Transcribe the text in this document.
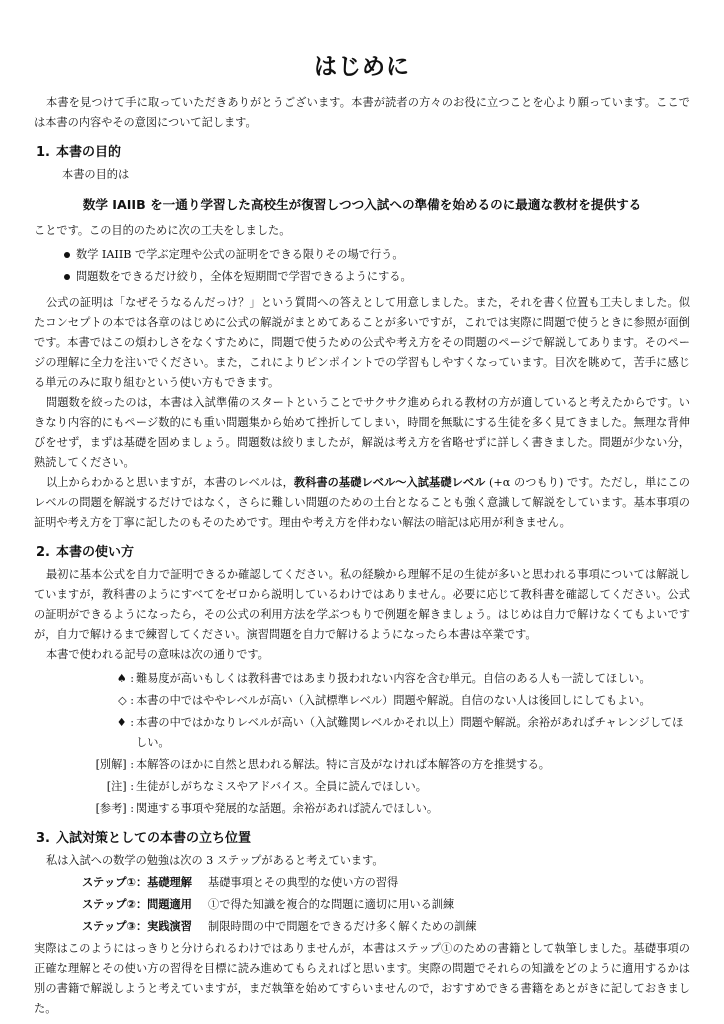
はじめに

本書を見つけて手に取っていただきありがとうございます。本書が読者の方々のお役に立つことを心より願っています。ここでは本書の内容やその意図について記します。

1. 本書の目的

本書の目的は

数学 IAIIB を一通り学習した高校生が復習しつつ入試への準備を始めるのに最適な教材を提供する

ことです。この目的のために次の工夫をしました。

数学 IAIIB で学ぶ定理や公式の証明をできる限りその場で行う。
問題数をできるだけ絞り，全体を短期間で学習できるようにする。

公式の証明は「なぜそうなるんだっけ？」という質問への答えとして用意しました。また，それを書く位置も工夫しました。似たコンセプトの本では各章のはじめに公式の解説がまとめてあることが多いですが，これでは実際に問題で使うときに参照が面倒です。本書ではこの煩わしさをなくすために，問題で使うための公式や考え方をその問題のページで解説してあります。そのページの理解に全力を注いでください。また，これによりピンポイントでの学習もしやすくなっています。目次を眺めて，苦手に感じる単元のみに取り組むという使い方もできます。

問題数を絞ったのは，本書は入試準備のスタートということでサクサク進められる教材の方が適していると考えたからです。いきなり内容的にもページ数的にも重い問題集から始めて挫折してしまい，時間を無駄にする生徒を多く見てきました。無理な背伸びをせず，まずは基礎を固めましょう。問題数は絞りましたが，解説は考え方を省略せずに詳しく書きました。問題が少ない分，熟読してください。

以上からわかると思いますが，本書のレベルは，教科書の基礎レベル〜入試基礎レベル (+α のつもり) です。ただし，単にこのレベルの問題を解説するだけではなく，さらに難しい問題のための土台となることも強く意識して解説をしています。基本事項の証明や考え方を丁寧に記したのもそのためです。理由や考え方を伴わない解法の暗記は応用が利きません。

2. 本書の使い方

最初に基本公式を自力で証明できるか確認してください。私の経験から理解不足の生徒が多いと思われる事項については解説していますが，教科書のようにすべてをゼロから説明しているわけではありません。必要に応じて教科書を確認してください。公式の証明ができるようになったら，その公式の利用方法を学ぶつもりで例題を解きましょう。はじめは自力で解けなくてもよいですが，自力で解けるまで練習してください。演習問題を自力で解けるようになったら本書は卒業です。

本書で使われる記号の意味は次の通りです。

♠ : 難易度が高いもしくは教科書ではあまり扱われない内容を含む単元。自信のある人も一読してほしい。
◇ : 本書の中ではややレベルが高い（入試標準レベル）問題や解説。自信のない人は後回しにしてもよい。
♦ : 本書の中ではかなりレベルが高い（入試難関レベルかそれ以上）問題や解説。余裕があればチャレンジしてほしい。
[別解] : 本解答のほかに自然と思われる解法。特に言及がなければ本解答の方を推奨する。
[注] : 生徒がしがちなミスやアドバイス。全員に読んでほしい。
[参考] : 関連する事項や発展的な話題。余裕があれば読んでほしい。
3. 入試対策としての本書の立ち位置

私は入試への数学の勉強は次の 3 ステップがあると考えています。

ステップ①：基礎理解	基礎事項とその典型的な使い方の習得
ステップ②：問題適用	①で得た知識を複合的な問題に適切に用いる訓練
ステップ③：実践演習	制限時間の中で問題をできるだけ多く解くための訓練

実際はこのようにはっきりと分けられるわけではありませんが，本書はステップ①のための書籍として執筆しました。基礎事項の正確な理解とその使い方の習得を目標に読み進めてもらえればと思います。実際の問題でそれらの知識をどのように適用するかは別の書籍で解説しようと考えていますが，まだ執筆を始めてすらいませんので，おすすめできる書籍をあとがきに記しておきました。
